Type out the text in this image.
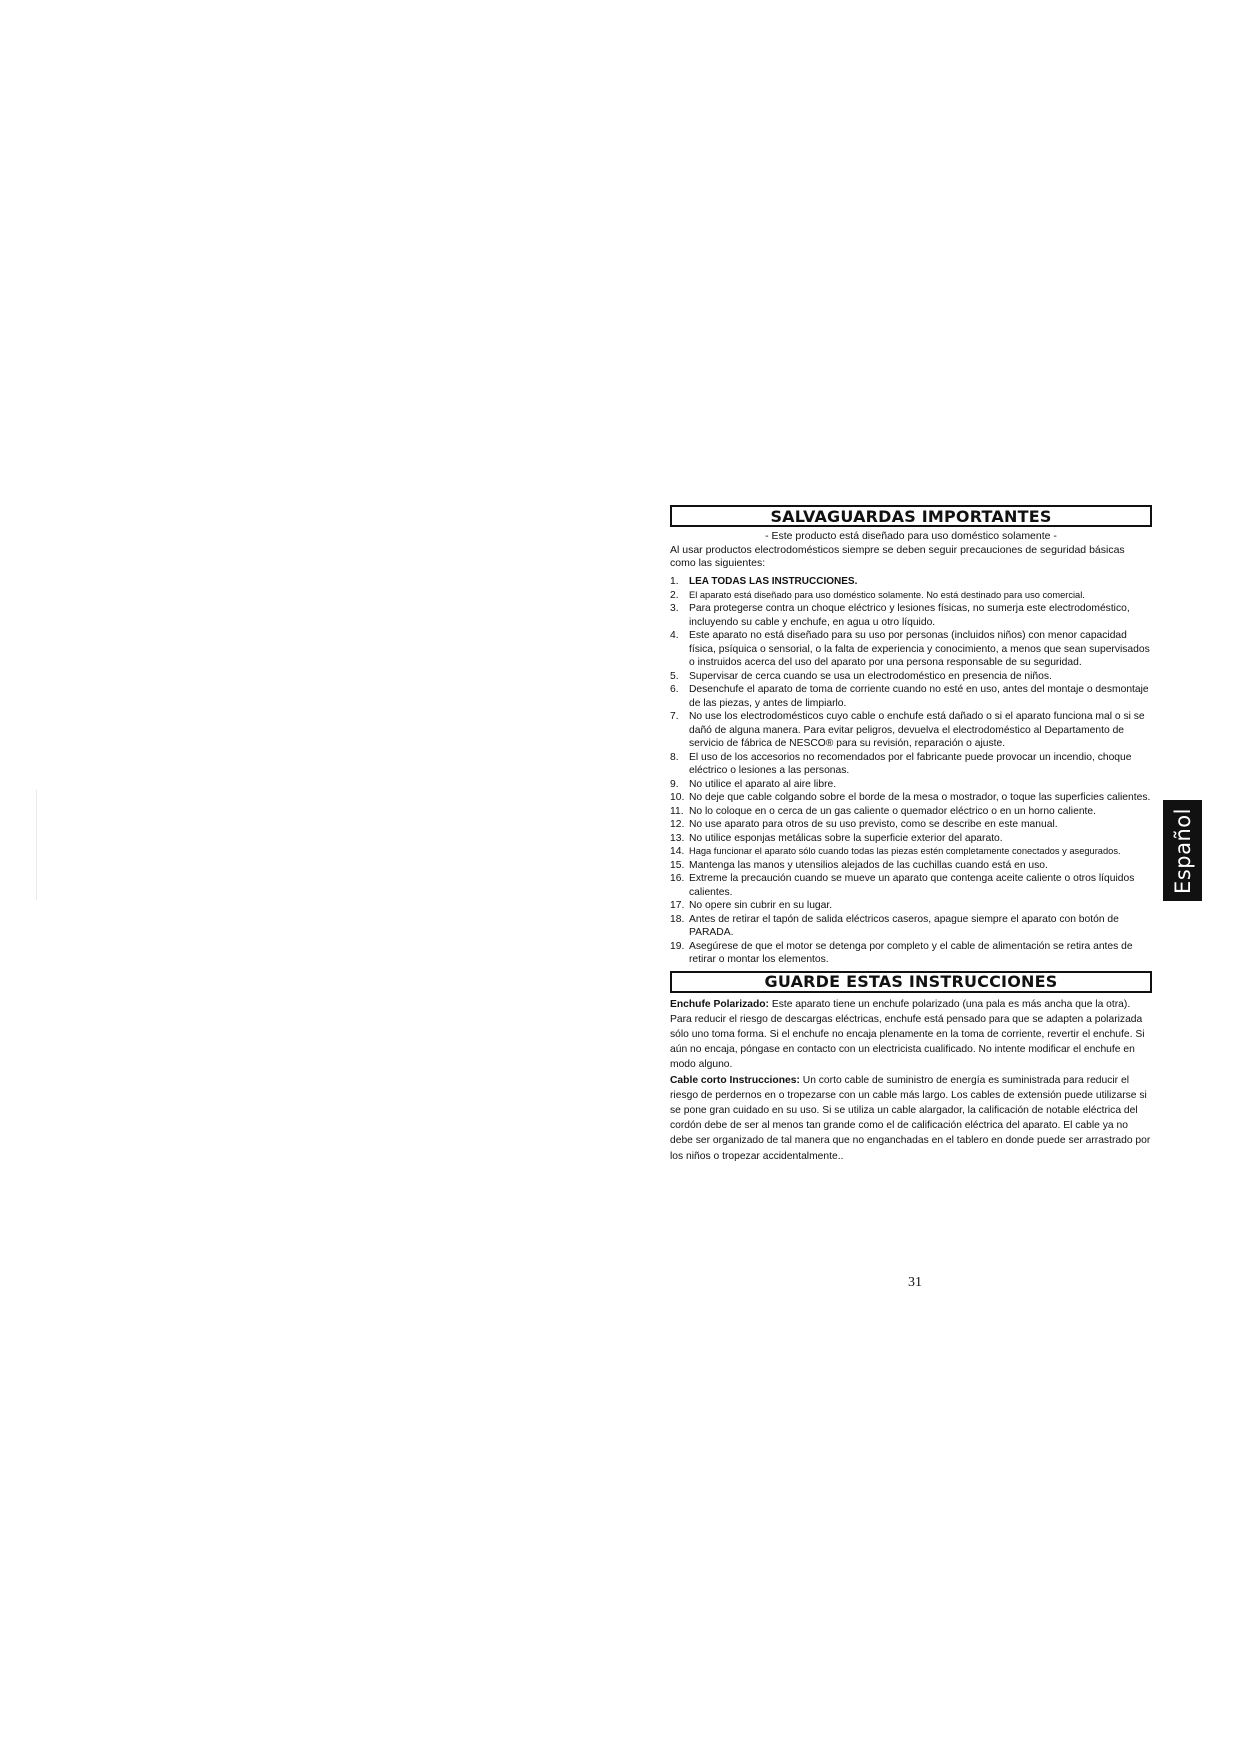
SALVAGUARDAS IMPORTANTES
- Este producto está diseñado para uso doméstico solamente -
Al usar productos electrodomésticos siempre se deben seguir precauciones de seguridad básicas como las siguientes:
1.	LEA TODAS LAS INSTRUCCIONES.
2.	El aparato está diseñado para uso doméstico solamente. No está destinado para uso comercial.
3.	Para protegerse contra un choque eléctrico y lesiones físicas, no sumerja este electrodoméstico, incluyendo su cable y enchufe, en agua u otro líquido.
4.	Este aparato no está diseñado para su uso por personas (incluidos niños) con menor capacidad física, psíquica o sensorial, o la falta de experiencia y conocimiento, a menos que sean supervisados o instruidos acerca del uso del aparato por una persona responsable de su seguridad.
5.	Supervisar de cerca cuando se usa un electrodoméstico en presencia de niños.
6.	Desenchufe el aparato de toma de corriente cuando no esté en uso, antes del montaje o desmontaje de las piezas, y antes de limpiarlo.
7.	No use los electrodomésticos cuyo cable o enchufe está dañado o si el aparato funciona mal o si se dañó de alguna manera. Para evitar peligros, devuelva el electrodoméstico al Departamento de servicio de fábrica de NESCO® para su revisión, reparación o ajuste.
8.	El uso de los accesorios no recomendados por el fabricante puede provocar un incendio, choque eléctrico o lesiones a las personas.
9.	No utilice el aparato al aire libre.
10. No deje que cable colgando sobre el borde de la mesa o mostrador, o toque las superficies calientes.
11. No lo coloque en o cerca de un gas caliente o quemador eléctrico o en un horno caliente.
12. No use aparato para otros de su uso previsto, como se describe en este manual.
13. No utilice esponjas metálicas sobre la superficie exterior del aparato.
14. Haga funcionar el aparato sólo cuando todas las piezas estén completamente conectados y asegurados.
15. Mantenga las manos y utensilios alejados de las cuchillas cuando está en uso.
16. Extreme la precaución cuando se mueve un aparato que contenga aceite caliente o otros líquidos calientes.
17. No opere sin cubrir en su lugar.
18. Antes de retirar el tapón de salida eléctricos caseros, apague siempre el aparato con botón de PARADA.
19. Asegúrese de que el motor se detenga por completo y el cable de alimentación se retira antes de retirar o montar los elementos.
GUARDE ESTAS INSTRUCCIONES
Enchufe Polarizado: Este aparato tiene un enchufe polarizado (una pala es más ancha que la otra). Para reducir el riesgo de descargas eléctricas, enchufe está pensado para que se adapten a polarizada sólo uno toma forma. Si el enchufe no encaja plenamente en la toma de corriente, revertir el enchufe. Si aún no encaja, póngase en contacto con un electricista cualificado. No intente modificar el enchufe en modo alguno.
Cable corto Instrucciones: Un corto cable de suministro de energía es suministrada para reducir el riesgo de perdernos en o tropezarse con un cable más largo. Los cables de extensión puede utilizarse si se pone gran cuidado en su uso. Si se utiliza un cable alargador, la calificación de notable eléctrica del cordón debe de ser al menos tan grande como el de calificación eléctrica del aparato. El cable ya no debe ser organizado de tal manera que no enganchadas en el tablero en donde puede ser arrastrado por los niños o tropezar accidentalmente..
31
Español
